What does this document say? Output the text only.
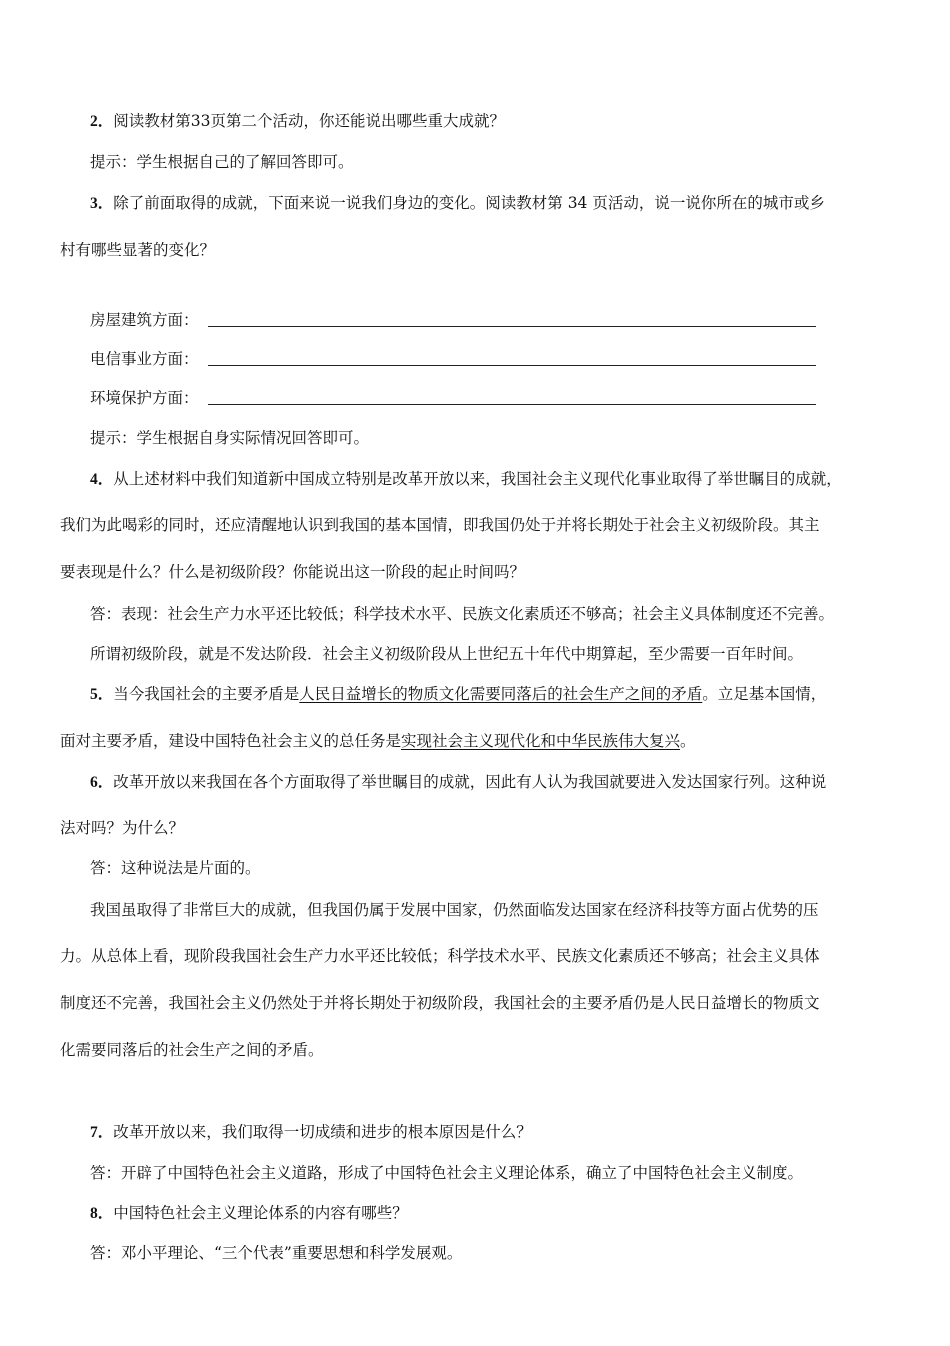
2．阅读教材第33页第二个活动，你还能说出哪些重大成就？
提示：学生根据自己的了解回答即可。
3．除了前面取得的成就，下面来说一说我们身边的变化。阅读教材第 34 页活动，说一说你所在的城市或乡
村有哪些显著的变化？
房屋建筑方面：
电信事业方面：
环境保护方面：
提示：学生根据自身实际情况回答即可。
4．从上述材料中我们知道新中国成立特别是改革开放以来，我国社会主义现代化事业取得了举世瞩目的成就，
我们为此喝彩的同时，还应清醒地认识到我国的基本国情，即我国仍处于并将长期处于社会主义初级阶段。其主
要表现是什么？什么是初级阶段？你能说出这一阶段的起止时间吗？
答：表现：社会生产力水平还比较低；科学技术水平、民族文化素质还不够高；社会主义具体制度还不完善。
所谓初级阶段，就是不发达阶段．社会主义初级阶段从上世纪五十年代中期算起，至少需要一百年时间。
5．当今我国社会的主要矛盾是人民日益增长的物质文化需要同落后的社会生产之间的矛盾。立足基本国情，
面对主要矛盾，建设中国特色社会主义的总任务是实现社会主义现代化和中华民族伟大复兴。
6．改革开放以来我国在各个方面取得了举世瞩目的成就，因此有人认为我国就要进入发达国家行列。这种说
法对吗？为什么？
答：这种说法是片面的。
我国虽取得了非常巨大的成就，但我国仍属于发展中国家，仍然面临发达国家在经济科技等方面占优势的压
力。从总体上看，现阶段我国社会生产力水平还比较低；科学技术水平、民族文化素质还不够高；社会主义具体
制度还不完善，我国社会主义仍然处于并将长期处于初级阶段，我国社会的主要矛盾仍是人民日益增长的物质文
化需要同落后的社会生产之间的矛盾。
7．改革开放以来，我们取得一切成绩和进步的根本原因是什么？
答：开辟了中国特色社会主义道路，形成了中国特色社会主义理论体系，确立了中国特色社会主义制度。
8．中国特色社会主义理论体系的内容有哪些？
答：邓小平理论、“三个代表”重要思想和科学发展观。
